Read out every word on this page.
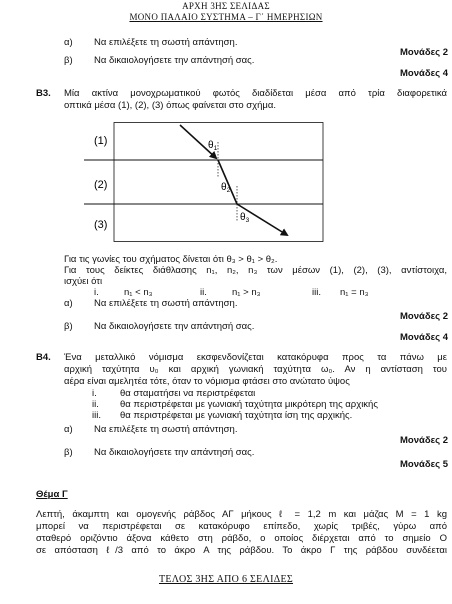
ΑΡΧΗ 3ΗΣ ΣΕΛΙΔΑΣ
ΜΟΝΟ ΠΑΛΑΙΟ ΣΥΣΤΗΜΑ – Γ΄ ΗΜΕΡΗΣΙΩΝ
α) Να επιλέξετε τη σωστή απάντηση.
Μονάδες 2
β) Να δικαιολογήσετε την απάντησή σας.
Μονάδες 4
Β3. Μία ακτίνα μονοχρωματικού φωτός διαδίδεται μέσα από τρία διαφορετικά
οπτικά μέσα (1), (2), (3) όπως φαίνεται στο σχήμα.
(1)
(2)
(3)
$\theta_1$
$\theta_2$
$\theta_3$
Για τις γωνίες του σχήματος δίνεται ότι θ₃ > θ₁ > θ₂.
Για τους δείκτες διάθλασης n₁, n₂, n₃ των μέσων (1), (2), (3), αντίστοιχα,
ισχύει ότι
i.	n₁ < n₃	ii.	n₁ > n₃	iii. n₁ = n₃
α) Να επιλέξετε τη σωστή απάντηση.
Μονάδες 2
β) Να δικαιολογήσετε την απάντησή σας.
Μονάδες 4
Β4. Ένα μεταλλικό νόμισμα εκσφενδονίζεται κατακόρυφα προς τα πάνω με
αρχική ταχύτητα υ₀ και αρχική γωνιακή ταχύτητα ω₀. Αν η αντίσταση του
αέρα είναι αμελητέα τότε, όταν το νόμισμα φτάσει στο ανώτατο ύψος
i. θα σταματήσει να περιστρέφεται
ii. θα περιστρέφεται με γωνιακή ταχύτητα μικρότερη της αρχικής
iii. θα περιστρέφεται με γωνιακή ταχύτητα ίση της αρχικής.
α) Να επιλέξετε τη σωστή απάντηση.
Μονάδες 2
β) Να δικαιολογήσετε την απάντησή σας.
Μονάδες 5
Θέμα Γ
Λεπτή, άκαμπτη και ομογενής ράβδος ΑΓ μήκους ℓ = 1,2 m και μάζας M = 1 kg
μπορεί να περιστρέφεται σε κατακόρυφο επίπεδο, χωρίς τριβές, γύρω από
σταθερό οριζόντιο άξονα κάθετο στη ράβδο, ο οποίος διέρχεται από το σημείο Ο
σε απόσταση ℓ/3 από το άκρο Α της ράβδου. Το άκρο Γ της ράβδου συνδέεται
ΤΕΛΟΣ 3ΗΣ ΑΠΟ 6 ΣΕΛΙΔΕΣ
